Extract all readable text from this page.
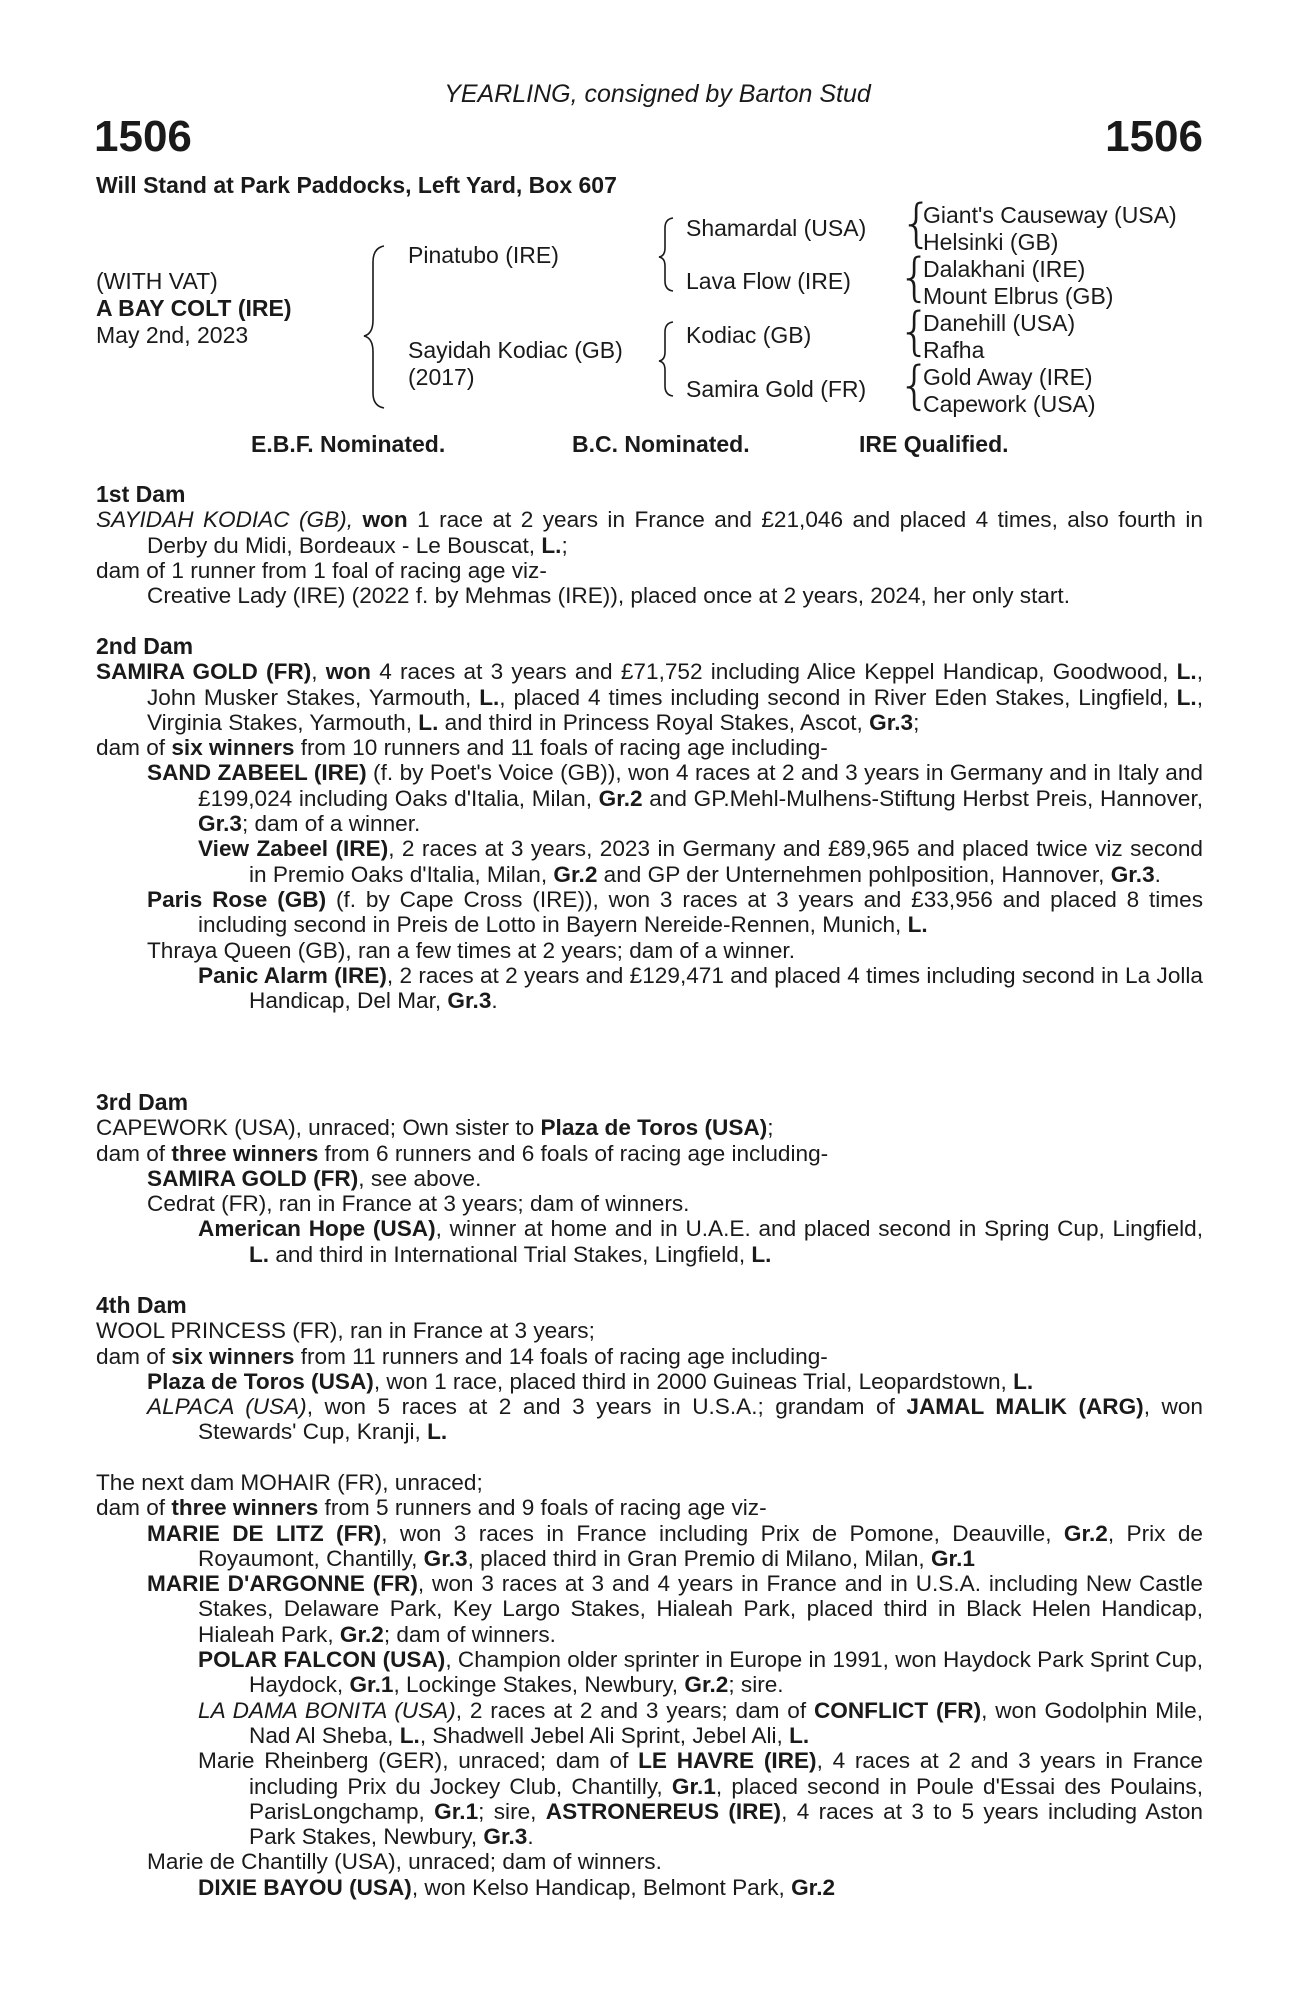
YEARLING, consigned by Barton Stud
1506	1506
Will Stand at Park Paddocks, Left Yard, Box 607
(WITH VAT)
A BAY COLT (IRE)
May 2nd, 2023
Pinatubo (IRE)
Sayidah Kodiac (GB)
(2017)
Shamardal (USA)
Lava Flow (IRE)
Kodiac (GB)
Samira Gold (FR)
{
{
{
{
Giant's Causeway (USA)
Helsinki (GB)
Dalakhani (IRE)
Mount Elbrus (GB)
Danehill (USA)
Rafha
Gold Away (IRE)
Capework (USA)
E.B.F. Nominated.	B.C. Nominated.	IRE Qualified.

1st Dam

SAYIDAH KODIAC (GB), won 1 race at 2 years in France and £21,046 and placed 4 times, also fourth in Derby du Midi, Bordeaux - Le Bouscat, L.;

dam of 1 runner from 1 foal of racing age viz-

Creative Lady (IRE) (2022 f. by Mehmas (IRE)), placed once at 2 years, 2024, her only start.

2nd Dam

SAMIRA GOLD (FR), won 4 races at 3 years and £71,752 including Alice Keppel Handicap, Goodwood, L., John Musker Stakes, Yarmouth, L., placed 4 times including second in River Eden Stakes, Lingfield, L., Virginia Stakes, Yarmouth, L. and third in Princess Royal Stakes, Ascot, Gr.3;

dam of six winners from 10 runners and 11 foals of racing age including-

SAND ZABEEL (IRE) (f. by Poet's Voice (GB)), won 4 races at 2 and 3 years in Germany and in Italy and £199,024 including Oaks d'Italia, Milan, Gr.2 and GP.Mehl-Mulhens-Stiftung Herbst Preis, Hannover, Gr.3; dam of a winner.

View Zabeel (IRE), 2 races at 3 years, 2023 in Germany and £89,965 and placed twice viz second in Premio Oaks d'Italia, Milan, Gr.2 and GP der Unternehmen pohlposition, Hannover, Gr.3.

Paris Rose (GB) (f. by Cape Cross (IRE)), won 3 races at 3 years and £33,956 and placed 8 times including second in Preis de Lotto in Bayern Nereide-Rennen, Munich, L.

Thraya Queen (GB), ran a few times at 2 years; dam of a winner.

Panic Alarm (IRE), 2 races at 2 years and £129,471 and placed 4 times including second in La Jolla Handicap, Del Mar, Gr.3.

3rd Dam

CAPEWORK (USA), unraced; Own sister to Plaza de Toros (USA);

dam of three winners from 6 runners and 6 foals of racing age including-

SAMIRA GOLD (FR), see above.

Cedrat (FR), ran in France at 3 years; dam of winners.

American Hope (USA), winner at home and in U.A.E. and placed second in Spring Cup, Lingfield, L. and third in International Trial Stakes, Lingfield, L.

4th Dam

WOOL PRINCESS (FR), ran in France at 3 years;

dam of six winners from 11 runners and 14 foals of racing age including-

Plaza de Toros (USA), won 1 race, placed third in 2000 Guineas Trial, Leopardstown, L.

ALPACA (USA), won 5 races at 2 and 3 years in U.S.A.; grandam of JAMAL MALIK (ARG), won Stewards' Cup, Kranji, L.

The next dam MOHAIR (FR), unraced;

dam of three winners from 5 runners and 9 foals of racing age viz-

MARIE DE LITZ (FR), won 3 races in France including Prix de Pomone, Deauville, Gr.2, Prix de Royaumont, Chantilly, Gr.3, placed third in Gran Premio di Milano, Milan, Gr.1

MARIE D'ARGONNE (FR), won 3 races at 3 and 4 years in France and in U.S.A. including New Castle Stakes, Delaware Park, Key Largo Stakes, Hialeah Park, placed third in Black Helen Handicap, Hialeah Park, Gr.2; dam of winners.

POLAR FALCON (USA), Champion older sprinter in Europe in 1991, won Haydock Park Sprint Cup, Haydock, Gr.1, Lockinge Stakes, Newbury, Gr.2; sire.

LA DAMA BONITA (USA), 2 races at 2 and 3 years; dam of CONFLICT (FR), won Godolphin Mile, Nad Al Sheba, L., Shadwell Jebel Ali Sprint, Jebel Ali, L.

Marie Rheinberg (GER), unraced; dam of LE HAVRE (IRE), 4 races at 2 and 3 years in France including Prix du Jockey Club, Chantilly, Gr.1, placed second in Poule d'Essai des Poulains, ParisLongchamp, Gr.1; sire, ASTRONEREUS (IRE), 4 races at 3 to 5 years including Aston Park Stakes, Newbury, Gr.3.

Marie de Chantilly (USA), unraced; dam of winners.

DIXIE BAYOU (USA), won Kelso Handicap, Belmont Park, Gr.2
